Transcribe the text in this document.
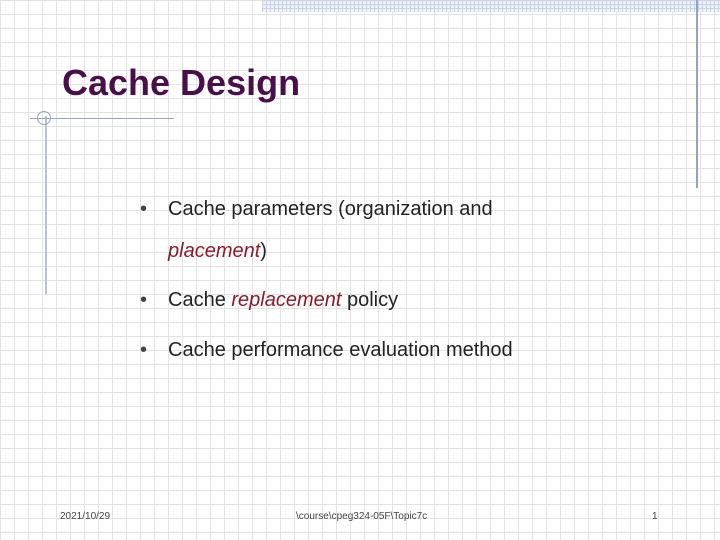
Cache Design
• Cache parameters (organization and
placement)
• Cache replacement policy
• Cache performance evaluation method
2021/10/29	\course\cpeg324-05F\Topic7c	1
